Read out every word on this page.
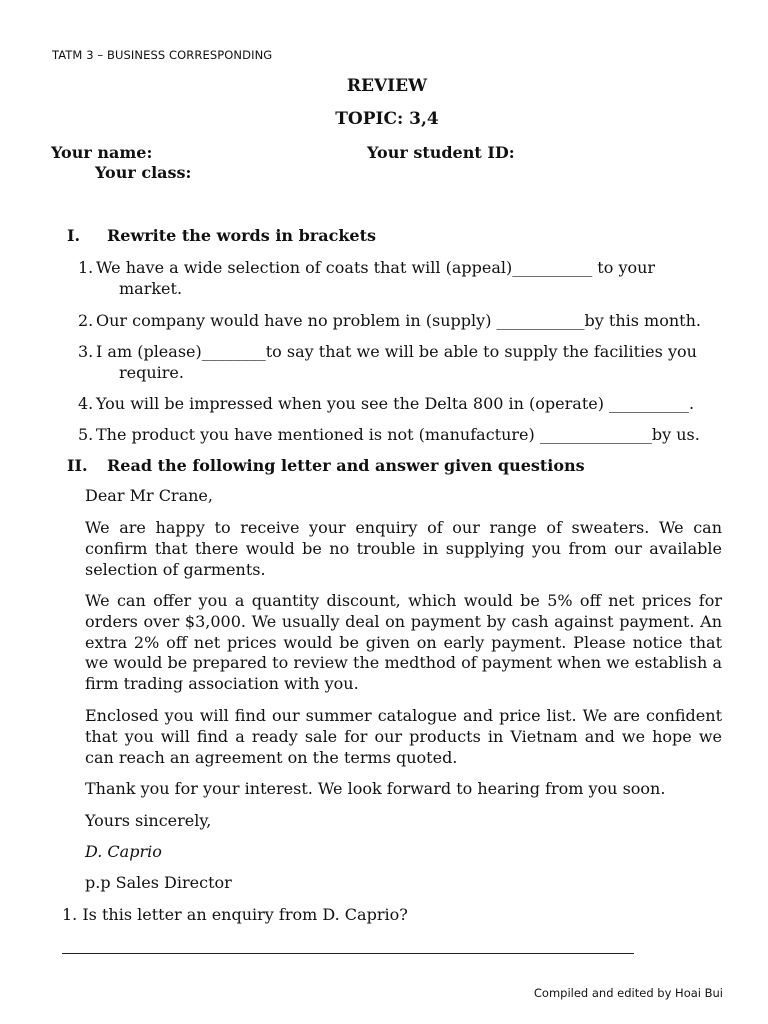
TATM 3 – BUSINESS CORRESPONDING
REVIEW
TOPIC: 3,4
Your name:	Your student ID:
Your class:
I. Rewrite the words in brackets
1. We have a wide selection of coats that will (appeal)__________ to your
market.
2. Our company would have no problem in (supply) ___________by this month.
3. I am (please)________to say that we will be able to supply the facilities you
require.
4. You will be impressed when you see the Delta 800 in (operate) __________.
5. The product you have mentioned is not (manufacture) ______________by us.
II. Read the following letter and answer given questions
Dear Mr Crane,
We are happy to receive your enquiry of our range of sweaters. We can confirm that there would be no trouble in supplying you from our available selection of garments.
We can offer you a quantity discount, which would be 5% off net prices for orders over $3,000. We usually deal on payment by cash against payment. An extra 2% off net prices would be given on early payment. Please notice that we would be prepared to review the medthod of payment when we establish a firm trading association with you.
Enclosed you will find our summer catalogue and price list. We are confident that you will find a ready sale for our products in Vietnam and we hope we can reach an agreement on the terms quoted.
Thank you for your interest. We look forward to hearing from you soon.
Yours sincerely,
D. Caprio
p.p Sales Director
1. Is this letter an enquiry from D. Caprio?
Compiled and edited by Hoai Bui
